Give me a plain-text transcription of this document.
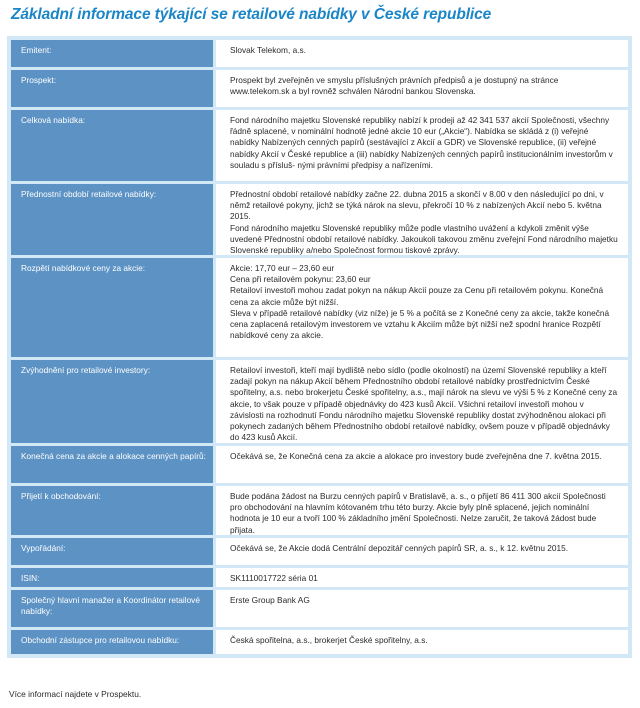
Základní informace týkající se retailové nabídky v České republice
Emitent:	Slovak Telekom, a.s.
Prospekt:	Prospekt byl zveřejněn ve smyslu příslušných právních předpisů a je dostupný na stránce www.telekom.sk a byl rovněž schválen Národní bankou Slovenska.
Celková nabídka:	Fond národního majetku Slovenské republiky nabízí k prodeji až 42 341 537 akcií Společnosti, všechny řádně splacené, v nominální hodnotě jedné akcie 10 eur („Akcie“). Nabídka se skládá z (i) veřejné nabídky Nabízených cenných papírů (sestávající z Akcií a GDR) ve Slovenské republice, (ii) veřejné nabídky Akcií v České republice a (iii) nabídky Nabízených cenných papírů institucionálním investorům v souladu s přísluš- nými právními předpisy a nařízeními.
Přednostní období retailové nabídky:	Přednostní období retailové nabídky začne 22. dubna 2015 a skončí v 8.00 v den následující po dni, v němž retailové pokyny, jichž se týká nárok na slevu, překročí 10 % z nabízených Akcií nebo 5. května 2015.

Fond národního majetku Slovenské republiky může podle vlastního uvážení a kdykoli změnit výše uvedené Přednostní období retailové nabídky. Jakoukoli takovou změnu zveřejní Fond národního majetku Slovenské republiky a/nebo Společnost formou tiskové zprávy.

Rozpětí nabídkové ceny za akcie:	Akcie: 17,70 eur – 23,60 eur

Cena při retailovém pokynu: 23,60 eur

Retailoví investoři mohou zadat pokyn na nákup Akcií pouze za Cenu při retailovém pokynu. Konečná cena za akcie může být nižší.

Sleva v případě retailové nabídky (viz níže) je 5 % a počítá se z Konečné ceny za akcie, takže konečná cena zaplacená retailovým investorem ve vztahu k Akciím může být nižší než spodní hranice Rozpětí nabídkové ceny za akcie.

Zvýhodnění pro retailové investory:	Retailoví investoři, kteří mají bydliště nebo sídlo (podle okolností) na území Slovenské republiky a kteří zadají pokyn na nákup Akcií během Přednostního období retailové nabídky prostřednictvím České spořitelny, a.s. nebo brokerjetu České spořitelny, a.s., mají nárok na slevu ve výši 5 % z Konečné ceny za akcie, to však pouze v případě objednávky do 423 kusů Akcií. Všichni retailoví investoři mohou v závislosti na rozhodnutí Fondu národního majetku Slovenské republiky dostat zvýhodněnou alokaci při pokynech zadaných během Přednostního období retailové nabídky, ovšem pouze v případě objednávky do 423 kusů Akcií.
Konečná cena za akcie a alokace cenných papírů:	Očekává se, že Konečná cena za akcie a alokace pro investory bude zveřejněna dne 7. května 2015.
Přijetí k obchodování:	Bude podána žádost na Burzu cenných papírů v Bratislavě, a. s., o přijetí 86 411 300 akcií Společnosti pro obchodování na hlavním kótovaném trhu této burzy. Akcie byly plně splacené, jejich nominální hodnota je 10 eur a tvoří 100 % základního jmění Společnosti. Nelze zaručit, že taková žádost bude přijata.
Vypořádání:	Očekává se, že Akcie dodá Centrální depozitář cenných papírů SR, a. s., k 12. květnu 2015.
ISIN:	SK1110017722 séria 01
Společný hlavní manažer a Koordinátor retailové nabídky:
Erste Group Bank AG
Obchodní zástupce pro retailovou nabídku:	Česká spořitelna, a.s., brokerjet České spořitelny, a.s.
Více informací najdete v Prospektu.
